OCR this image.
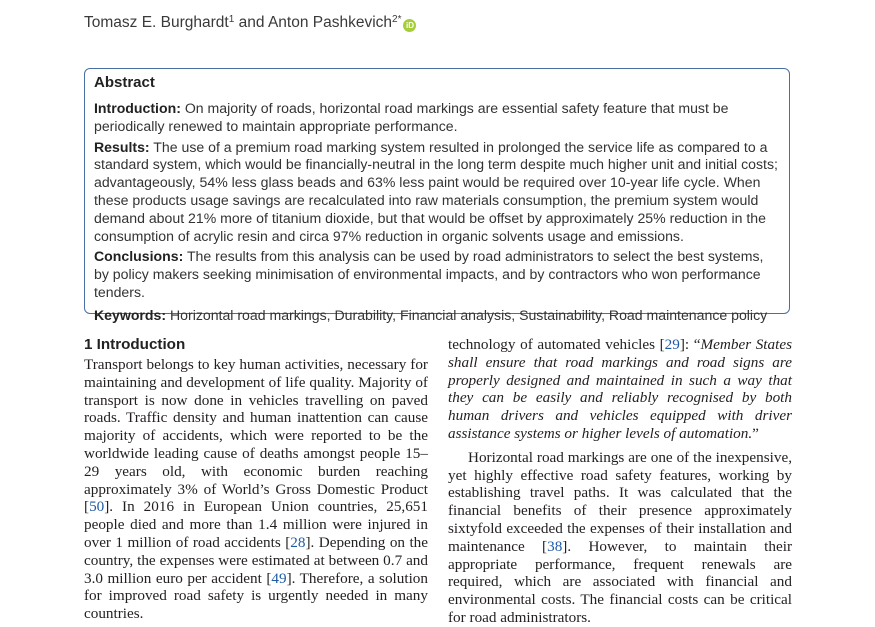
Tomasz E. Burghardt$^1$ and Anton Pashkevich$^{2*}$iD
Abstract

Introduction: On majority of roads, horizontal road markings are essential safety feature that must be periodically renewed to maintain appropriate performance.

Results: The use of a premium road marking system resulted in prolonged the service life as compared to a standard system, which would be financially-neutral in the long term despite much higher unit and initial costs; advantageously, 54% less glass beads and 63% less paint would be required over 10-year life cycle. When these products usage savings are recalculated into raw materials consumption, the premium system would demand about 21% more of titanium dioxide, but that would be offset by approximately 25% reduction in the consumption of acrylic resin and circa 97% reduction in organic solvents usage and emissions.

Conclusions: The results from this analysis can be used by road administrators to select the best systems, by policy makers seeking minimisation of environmental impacts, and by contractors who won performance tenders.

Keywords: Horizontal road markings, Durability, Financial analysis, Sustainability, Road maintenance policy

1 Introduction

Transport belongs to key human activities, necessary for maintaining and development of life quality. Majority of transport is now done in vehicles travelling on paved roads. Traffic density and human inattention can cause majority of accidents, which were reported to be the worldwide leading cause of deaths amongst people 15–29 years old, with economic burden reaching approximately 3% of World’s Gross Domestic Product [50]. In 2016 in European Union countries, 25,651 people died and more than 1.4 million were injured in over 1 million of road accidents [28]. Depending on the country, the expenses were estimated at between 0.7 and 3.0 million euro per accident [49]. Therefore, a solution for improved road safety is urgently needed in many countries.

technology of automated vehicles [29]: “Member States shall ensure that road markings and road signs are properly designed and maintained in such a way that they can be easily and reliably recognised by both human drivers and vehicles equipped with driver assistance systems or higher levels of automation.”

Horizontal road markings are one of the inexpensive, yet highly effective road safety features, working by establishing travel paths. It was calculated that the financial benefits of their presence approximately sixtyfold exceeded the expenses of their installation and maintenance [38]. However, to maintain their appropriate performance, frequent renewals are required, which are associated with financial and environmental costs. The financial costs can be critical for road administrators.
